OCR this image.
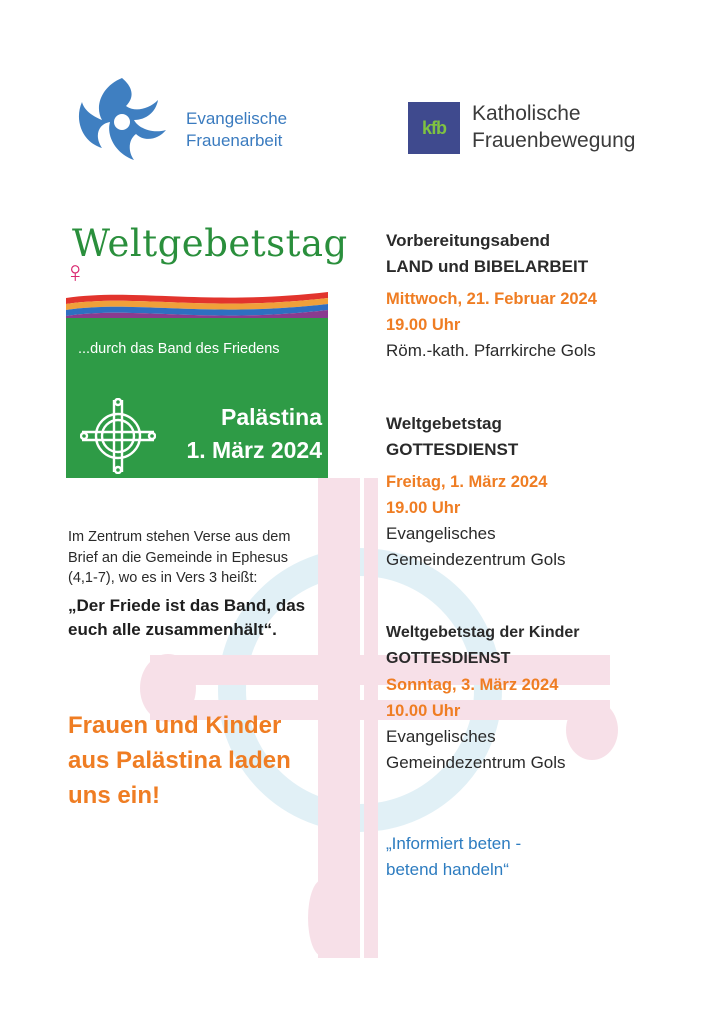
Evangelische
Frauenarbeit
kfb
Katholische
Frauenbewegung
Weltgebetstag
♀
...durch das Band des Friedens
Palästina
1. März 2024
Im Zentrum stehen Verse aus dem
Brief an die Gemeinde in Ephesus
(4,1-7), wo es in Vers 3 heißt:
„Der Friede ist das Band, das
euch alle zusammenhält“.
Frauen und Kinder
aus Palästina laden
uns ein!
Vorbereitungsabend
LAND und BIBELARBEIT
Mittwoch, 21. Februar 2024
19.00 Uhr
Röm.-kath. Pfarrkirche Gols
Weltgebetstag
GOTTESDIENST
Freitag, 1. März 2024
19.00 Uhr
Evangelisches
Gemeindezentrum Gols
Weltgebetstag der Kinder
GOTTESDIENST
Sonntag, 3. März 2024
10.00 Uhr
Evangelisches
Gemeindezentrum Gols
„Informiert beten -
betend handeln“
